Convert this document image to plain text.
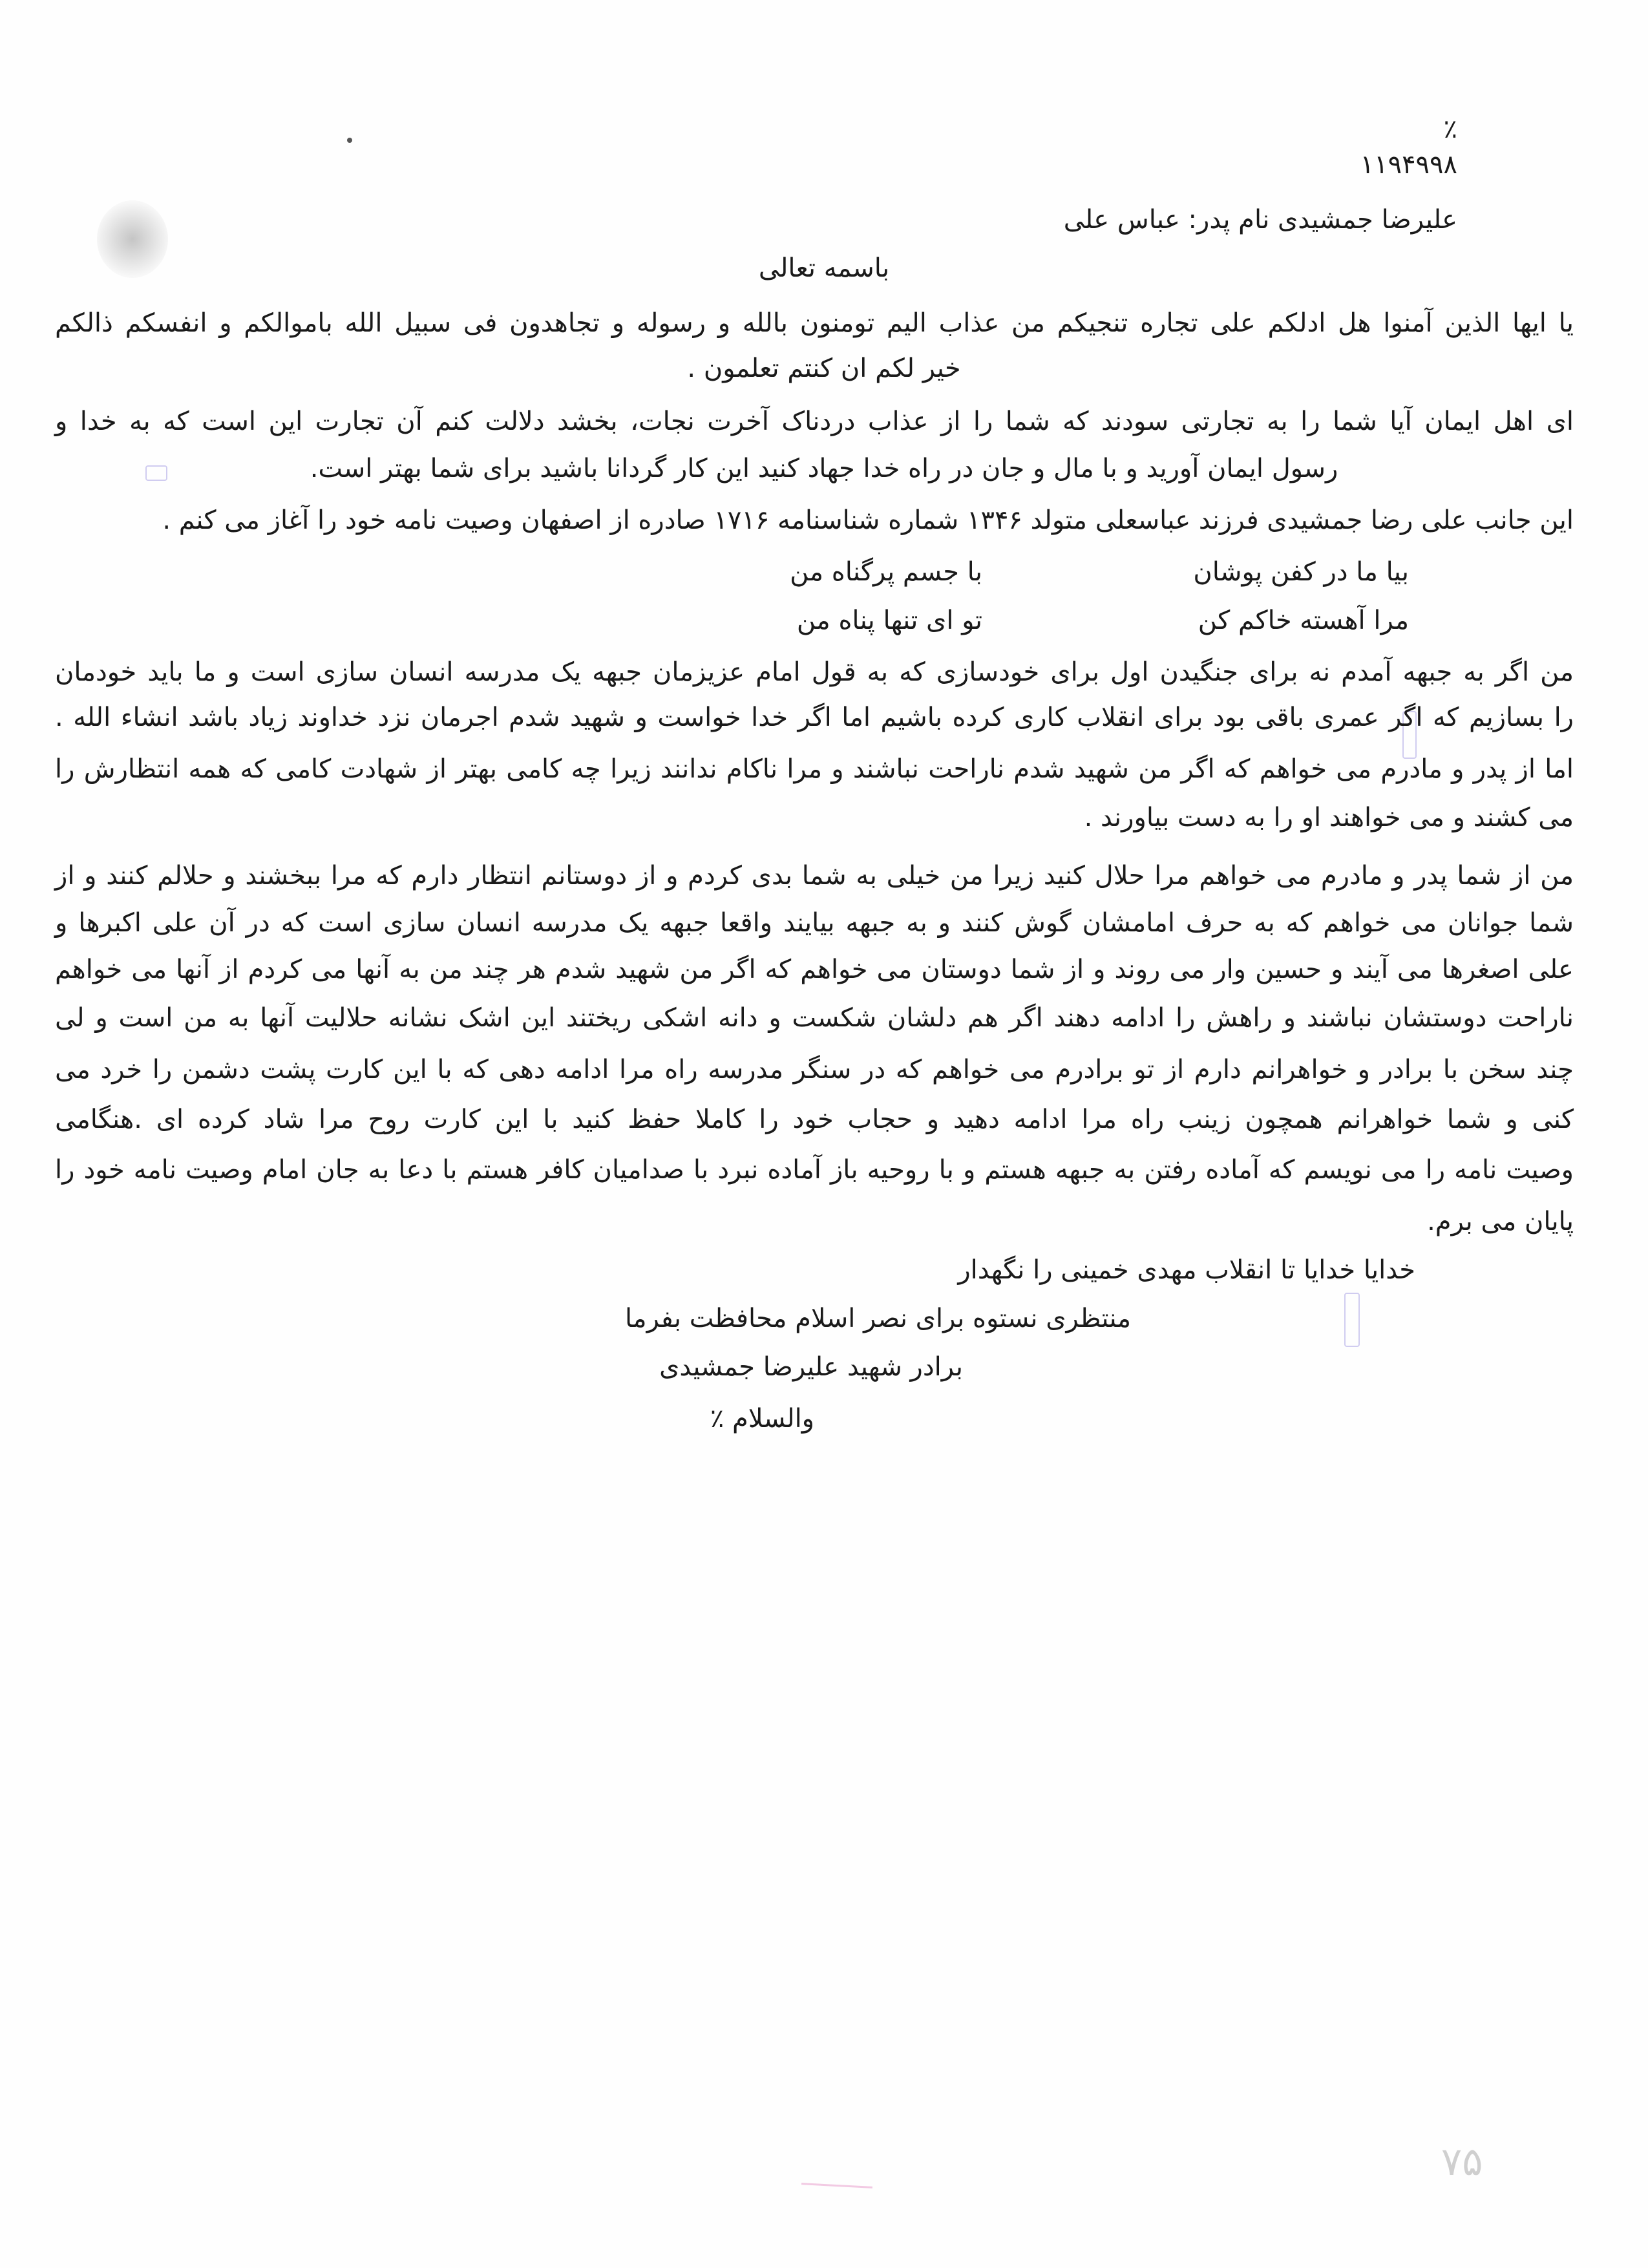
۷۵
٪
۱۱۹۴۹۹۸
علیرضا جمشیدی نام پدر: عباس علی
باسمه تعالی
یا ایها الذین آمنوا هل ادلکم علی تجاره تنجیکم من عذاب الیم تومنون بالله و رسوله و تجاهدون فی سبیل الله باموالکم و انفسکم ذالکم
خیر لکم ان کنتم تعلمون .
ای اهل ایمان آیا شما را به تجارتی سودند که شما را از عذاب دردناک آخرت نجات، بخشد دلالت کنم آن تجارت این است که به خدا و
رسول ایمان آورید و با مال و جان در راه خدا جهاد کنید این کار گردانا باشید برای شما بهتر است.
این جانب علی رضا جمشیدی فرزند عباسعلی متولد ۱۳۴۶ شماره شناسنامه ۱۷۱۶ صادره از اصفهان وصیت نامه خود را آغاز می کنم .
بیا ما در کفن پوشان
با جسم پرگناه من
مرا آهسته خاکم کن
تو ای تنها پناه من
من اگر به جبهه آمدم نه برای جنگیدن اول برای خودسازی که به قول امام عزیزمان جبهه یک مدرسه انسان سازی است و ما باید خودمان
را بسازیم که اگر عمری باقی بود برای انقلاب کاری کرده باشیم اما اگر خدا خواست و شهید شدم اجرمان نزد خداوند زیاد باشد انشاء الله .
اما از پدر و مادرم می خواهم که اگر من شهید شدم ناراحت نباشند و مرا ناکام ندانند زیرا چه کامی بهتر از شهادت کامی که همه انتظارش را
می کشند و می خواهند او را به دست بیاورند .
من از شما پدر و مادرم می خواهم مرا حلال کنید زیرا من خیلی به شما بدی کردم و از دوستانم انتظار دارم که مرا ببخشند و حلالم کنند و از
شما جوانان می خواهم که به حرف امامشان گوش کنند و به جبهه بیایند واقعا جبهه یک مدرسه انسان سازی است که در آن علی اکبرها و
علی اصغرها می آیند و حسین وار می روند و از شما دوستان می خواهم که اگر من شهید شدم هر چند من به آنها می کردم از آنها می خواهم
ناراحت دوستشان نباشند و راهش را ادامه دهند اگر هم دلشان شکست و دانه اشکی ریختند این اشک نشانه حلالیت آنها به من است و لی
چند سخن با برادر و خواهرانم دارم از تو برادرم می خواهم که در سنگر مدرسه راه مرا ادامه دهی که با این کارت پشت دشمن را خرد می
کنی و شما خواهرانم همچون زینب راه مرا ادامه دهید و حجاب خود را کاملا حفظ کنید با این کارت روح مرا شاد کرده ای .هنگامی
وصیت نامه را می نویسم که آماده رفتن به جبهه هستم و با روحیه باز آماده نبرد با صدامیان کافر هستم با دعا به جان امام وصیت نامه خود را
پایان می برم.
خدایا خدایا تا انقلاب مهدی خمینی را نگهدار
منتظری نستوه برای نصر اسلام محافظت بفرما
برادر شهید علیرضا جمشیدی
والسلام ٪
